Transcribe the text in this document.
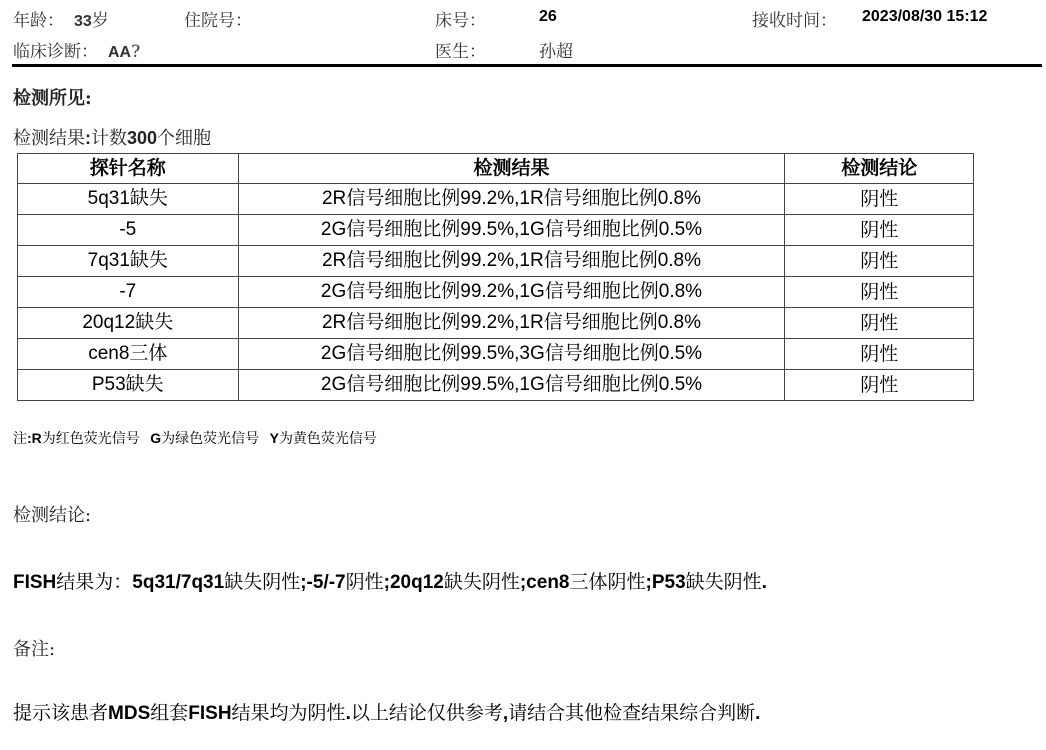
年龄： 33岁	住院号：	床号：	26	接收时间： 2023/08/30 15:12
临床诊断： AA?	医生：	孙超
检测所见:
检测结果:计数300个细胞
探针名称	检测结果	检测结论
5q31缺失	2R信号细胞比例99.2%,1R信号细胞比例0.8%	阴性
-5	2G信号细胞比例99.5%,1G信号细胞比例0.5%	阴性
7q31缺失	2R信号细胞比例99.2%,1R信号细胞比例0.8%	阴性
-7	2G信号细胞比例99.2%,1G信号细胞比例0.8%	阴性
20q12缺失	2R信号细胞比例99.2%,1R信号细胞比例0.8%	阴性
cen8三体	2G信号细胞比例99.5%,3G信号细胞比例0.5%	阴性
P53缺失	2G信号细胞比例99.5%,1G信号细胞比例0.5%	阴性
注:R为红色荧光信号 G为绿色荧光信号 Y为黄色荧光信号
检测结论:
FISH结果为：5q31/7q31缺失阴性;-5/-7阴性;20q12缺失阴性;cen8三体阴性;P53缺失阴性.
备注:
提示该患者MDS组套FISH结果均为阴性.以上结论仅供参考,请结合其他检查结果综合判断.
